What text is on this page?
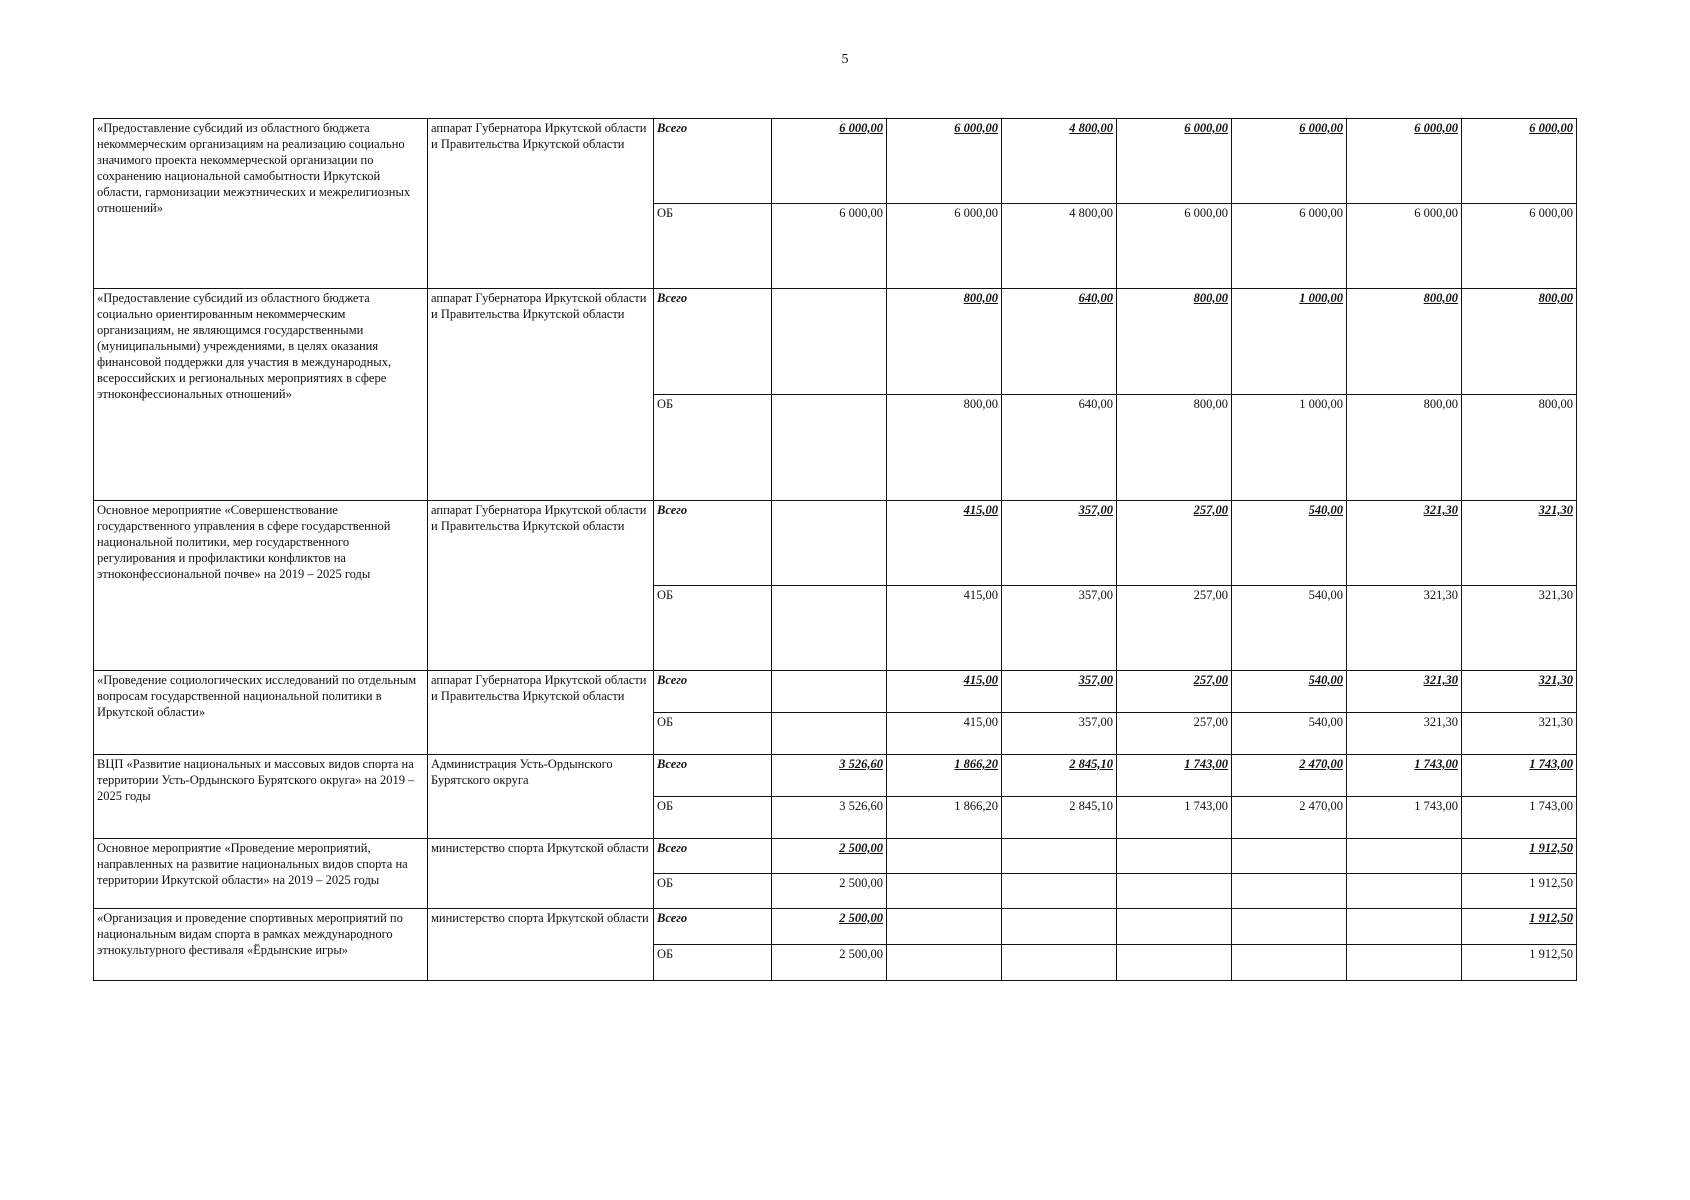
5
«Предоставление субсидий из областного бюджета некоммерческим организациям на реализацию социально значимого проекта некоммерческой организации по сохранению национальной самобытности Иркутской области, гармонизации межэтнических и межрелигиозных отношений»	аппарат Губернатора Иркутской области и Правительства Иркутской области	Всего	6 000,00	6 000,00	4 800,00	6 000,00	6 000,00	6 000,00	6 000,00
		ОБ	6 000,00	6 000,00	4 800,00	6 000,00	6 000,00	6 000,00	6 000,00
«Предоставление субсидий из областного бюджета социально ориентированным некоммерческим организациям, не являющимся государственными (муниципальными) учреждениями, в целях оказания финансовой поддержки для участия в международных, всероссийских и региональных мероприятиях в сфере этноконфессиональных отношений»	аппарат Губернатора Иркутской области и Правительства Иркутской области	Всего		800,00	640,00	800,00	1 000,00	800,00	800,00
		ОБ		800,00	640,00	800,00	1 000,00	800,00	800,00
Основное мероприятие «Совершенствование государственного управления в сфере государственной национальной политики, мер государственного регулирования и профилактики конфликтов на этноконфессиональной почве» на 2019 – 2025 годы	аппарат Губернатора Иркутской области и Правительства Иркутской области	Всего		415,00	357,00	257,00	540,00	321,30	321,30
		ОБ		415,00	357,00	257,00	540,00	321,30	321,30
«Проведение социологических исследований по отдельным вопросам государственной национальной политики в Иркутской области»	аппарат Губернатора Иркутской области и Правительства Иркутской области	Всего		415,00	357,00	257,00	540,00	321,30	321,30
		ОБ		415,00	357,00	257,00	540,00	321,30	321,30
ВЦП «Развитие национальных и массовых видов спорта на территории Усть-Ордынского Бурятского округа» на 2019 – 2025 годы	Администрация Усть-Ордынского Бурятского округа	Всего	3 526,60	1 866,20	2 845,10	1 743,00	2 470,00	1 743,00	1 743,00
		ОБ	3 526,60	1 866,20	2 845,10	1 743,00	2 470,00	1 743,00	1 743,00
Основное мероприятие «Проведение мероприятий, направленных на развитие национальных видов спорта на территории Иркутской области» на 2019 – 2025 годы	министерство спорта Иркутской области	Всего	2 500,00						1 912,50
		ОБ	2 500,00						1 912,50
«Организация и проведение спортивных мероприятий по национальным видам спорта в рамках международного этнокультурного фестиваля «Ёрдынские игры»	министерство спорта Иркутской области	Всего	2 500,00						1 912,50
		ОБ	2 500,00						1 912,50
